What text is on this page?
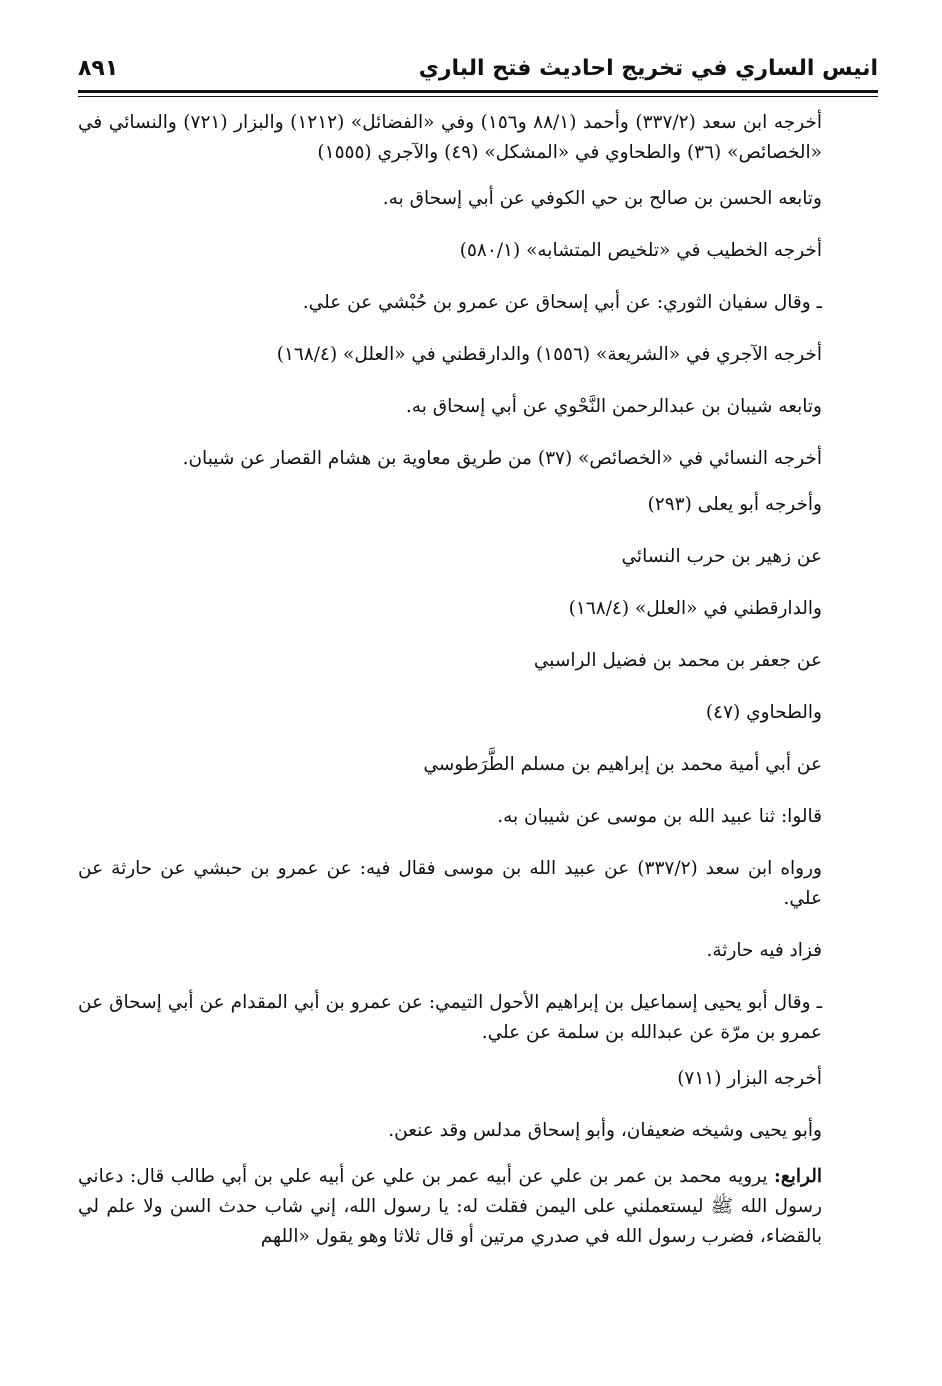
انيس الساري في تخريج احاديث فتح الباري
٨٩١

أخرجه ابن سعد (٣٣٧/٢) وأحمد (٨٨/١ و١٥٦) وفي «الفضائل» (١٢١٢) والبزار (٧٢١) والنسائي في «الخصائص» (٣٦) والطحاوي في «المشكل» (٤٩) والآجري (١٥٥٥)

وتابعه الحسن بن صالح بن حي الكوفي عن أبي إسحاق به.

أخرجه الخطيب في «تلخيص المتشابه» (٥٨٠/١)

ـ وقال سفيان الثوري: عن أبي إسحاق عن عمرو بن حُبْشي عن علي.

أخرجه الآجري في «الشريعة» (١٥٥٦) والدارقطني في «العلل» (١٦٨/٤)

وتابعه شيبان بن عبدالرحمن النَّحْوي عن أبي إسحاق به.

أخرجه النسائي في «الخصائص» (٣٧) من طريق معاوية بن هشام القصار عن شيبان.

وأخرجه أبو يعلى (٢٩٣)

عن زهير بن حرب النسائي

والدارقطني في «العلل» (١٦٨/٤)

عن جعفر بن محمد بن فضيل الراسبي

والطحاوي (٤٧)

عن أبي أمية محمد بن إبراهيم بن مسلم الطَّرَطوسي

قالوا: ثنا عبيد الله بن موسى عن شيبان به.

ورواه ابن سعد (٣٣٧/٢) عن عبيد الله بن موسى فقال فيه: عن عمرو بن حبشي عن حارثة عن علي.

فزاد فيه حارثة.

ـ وقال أبو يحيى إسماعيل بن إبراهيم الأحول التيمي: عن عمرو بن أبي المقدام عن أبي إسحاق عن عمرو بن مرّة عن عبدالله بن سلمة عن علي.

أخرجه البزار (٧١١)

وأبو يحيى وشيخه ضعيفان، وأبو إسحاق مدلس وقد عنعن.

الرابع: يرويه محمد بن عمر بن علي عن أبيه عمر بن علي عن أبيه علي بن أبي طالب قال: دعاني رسول الله ﷺ ليستعملني على اليمن فقلت له: يا رسول الله، إني شاب حدث السن ولا علم لي بالقضاء، فضرب رسول الله في صدري مرتين أو قال ثلاثا وهو يقول «اللهم
